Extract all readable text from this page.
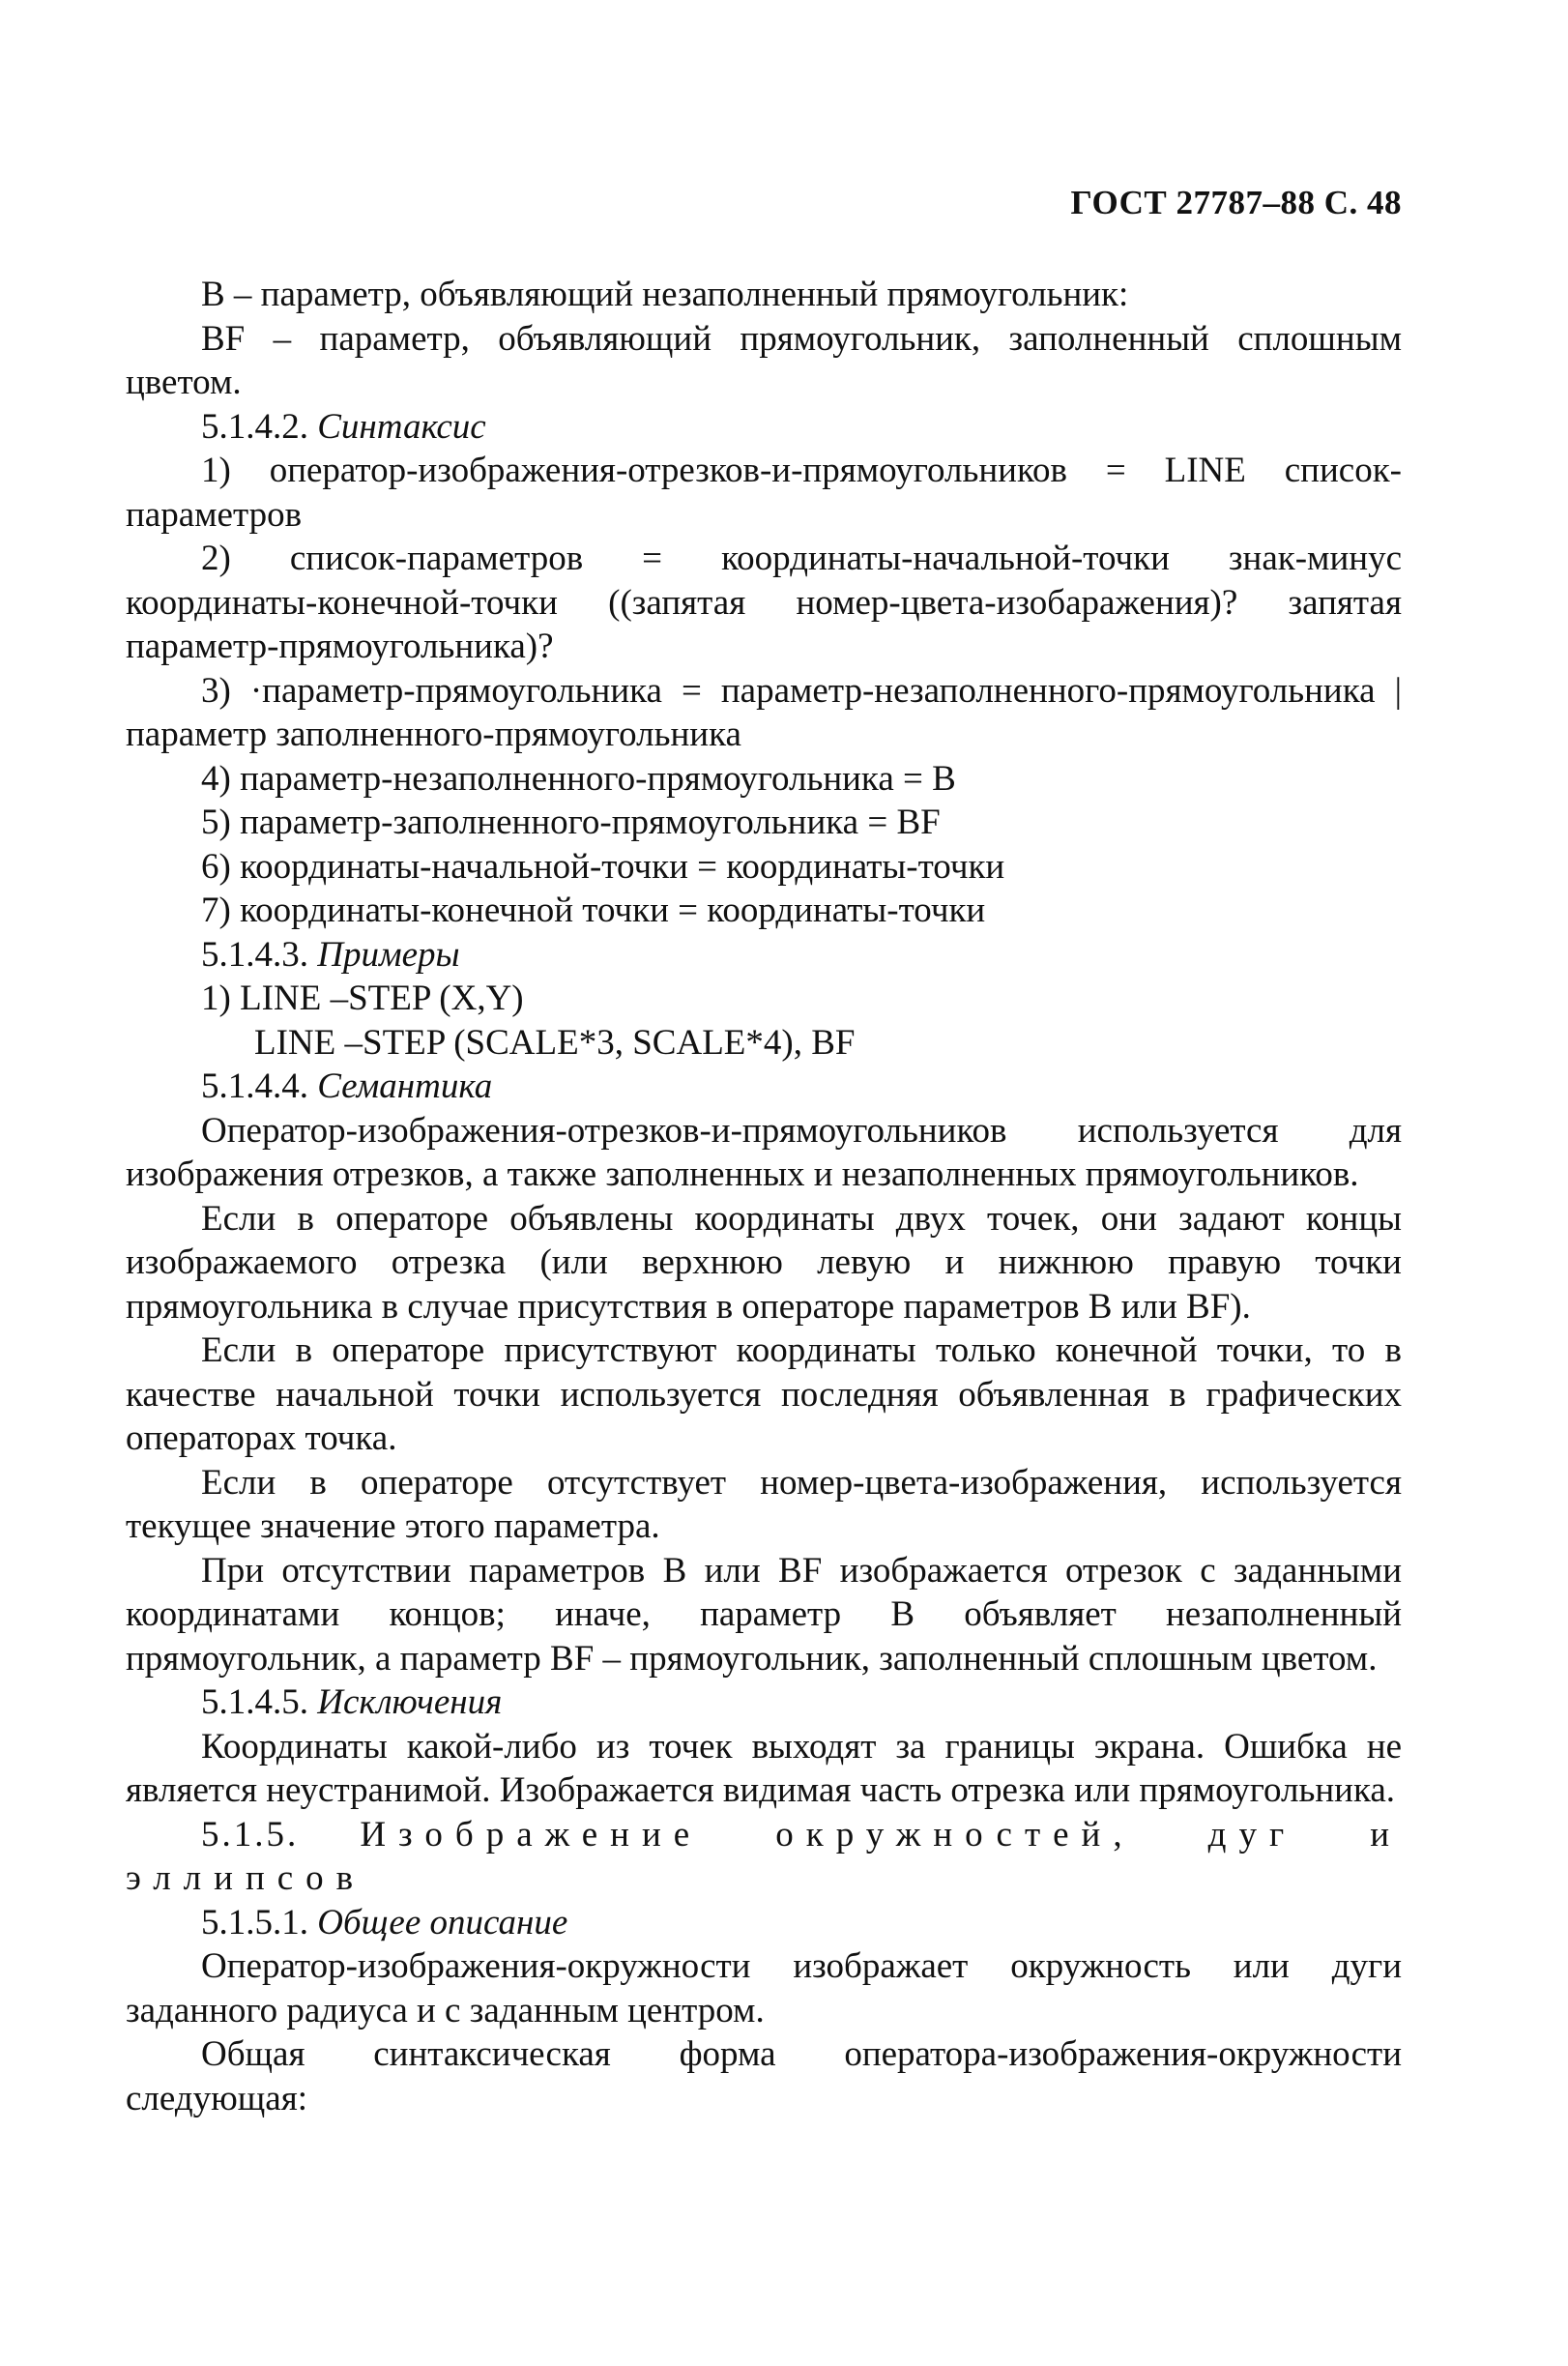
ГОСТ 27787–88 С. 48

В – параметр, объявляющий незаполненный прямоугольник:

BF – параметр, объявляющий прямоугольник, заполненный сплошным цветом.

5.1.4.2. Синтаксис

1) оператор-изображения-отрезков-и-прямоугольников = LINE список-параметров

2) список-параметров = координаты-начальной-точки знак-минус координаты-конечной-точки ((запятая номер-цвета-изобаражения)? запятая параметр-прямоугольника)?

3) ·параметр-прямоугольника = параметр-незаполненного-прямоугольника | параметр заполненного-прямоугольника

4) параметр-незаполненного-прямоугольника = B

5) параметр-заполненного-прямоугольника = BF

6) координаты-начальной-точки = координаты-точки

7) координаты-конечной точки = координаты-точки

5.1.4.3. Примеры

1) LINE –STEP (X,Y)

LINE –STEP (SCALE*3, SCALE*4), BF

5.1.4.4. Семантика

Оператор-изображения-отрезков-и-прямоугольников используется для изображения отрезков, а также заполненных и незаполненных прямоугольников.

Если в операторе объявлены координаты двух точек, они задают концы изображаемого отрезка (или верхнюю левую и нижнюю правую точки прямоугольника в случае присутствия в операторе параметров В или BF).

Если в операторе присутствуют координаты только конечной точки, то в качестве начальной точки используется последняя объявленная в графических операторах точка.

Если в операторе отсутствует номер-цвета-изображения, используется текущее значение этого параметра.

При отсутствии параметров В или BF изображается отрезок с заданными координатами концов; иначе, параметр В объявляет незаполненный прямоугольник, а параметр BF – прямоугольник, заполненный сплошным цветом.

5.1.4.5. Исключения

Координаты какой-либо из точек выходят за границы экрана. Ошибка не является неустранимой. Изображается видимая часть отрезка или прямоугольника.

5.1.5. Изображение окружностей, дуг и эллипсов

5.1.5.1. Общее описание

Оператор-изображения-окружности изображает окружность или дуги заданного радиуса и с заданным центром.

Общая синтаксическая форма оператора-изображения-окружности следующая:
